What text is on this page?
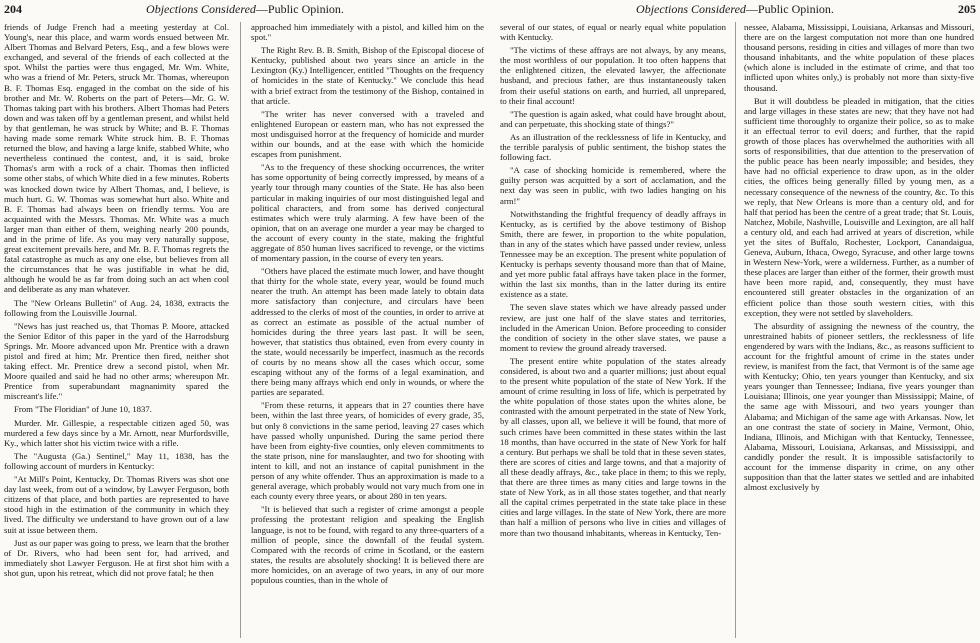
204	Objections Considered—Public Opinion.

friends of Judge French had a meeting yesterday at Col. Young's, near this place, and warm words ensued between Mr. Albert Thomas and Belvard Peters, Esq., and a few blows were exchanged, and several of the friends of each collected at the spot. Whilst the parties were thus engaged, Mr. Wm. White, who was a friend of Mr. Peters, struck Mr. Thomas, whereupon B. F. Thomas Esq. engaged in the combat on the side of his brother and Mr. W. Roberts on the part of Peters—Mr. G. W. Thomas taking part with his brothers. Albert Thomas had Peters down and was taken off by a gentleman present, and whilst held by that gentleman, he was struck by White; and B. F. Thomas having made some remark White struck him. B. F. Thomas returned the blow, and having a large knife, stabbed White, who nevertheless continued the contest, and, it is said, broke Thomas's arm with a rock of a chair. Thomas then inflicted some other stabs, of which White died in a few minutes. Roberts was knocked down twice by Albert Thomas, and, I believe, is much hurt. G. W. Thomas was somewhat hurt also. White and B. F. Thomas had always been on friendly terms. You are acquainted with the Messrs. Thomas. Mr. White was a much larger man than either of them, weighing nearly 200 pounds, and in the prime of life. As you may very naturally suppose, great excitement prevails here, and Mr. B. F. Thomas regrets the fatal catastrophe as much as any one else, but believes from all the circumstances that he was justifiable in what he did, although he would be as far from doing such an act when cool and deliberate as any man whatever.

The "New Orleans Bulletin" of Aug. 24, 1838, extracts the following from the Louisville Journal.

"News has just reached us, that Thomas P. Moore, attacked the Senior Editor of this paper in the yard of the Harrodsburg Springs. Mr. Moore advanced upon Mr. Prentice with a drawn pistol and fired at him; Mr. Prentice then fired, neither shot taking effect. Mr. Prentice drew a second pistol, when Mr. Moore quailed and said he had no other arms; whereupon Mr. Prentice from superabundant magnanimity spared the miscreant's life."

From "The Floridian" of June 10, 1837.

Murder. Mr. Gillespie, a respectable citizen aged 50, was murdered a few days since by a Mr. Arnott, near Murfordsville, Ky., which latter shot his victim twice with a rifle.

The "Augusta (Ga.) Sentinel," May 11, 1838, has the following account of murders in Kentucky:

"At Mill's Point, Kentucky, Dr. Thomas Rivers was shot one day last week, from out of a window, by Lawyer Ferguson, both citizens of that place, and both parties are represented to have stood high in the estimation of the community in which they lived. The difficulty we understand to have grown out of a law suit at issue between them.

Just as our paper was going to press, we learn that the brother of Dr. Rivers, who had been sent for, had arrived, and immediately shot Lawyer Ferguson. He at first shot him with a shot gun, upon his retreat, which did not prove fatal; he then

approached him immediately with a pistol, and killed him on the spot."

The Right Rev. B. B. Smith, Bishop of the Episcopal diocese of Kentucky, published about two years since an article in the Lexington (Ky.) Intelligencer, entitled "Thoughts on the frequency of homicides in the state of Kentucky." We conclude this head with a brief extract from the testimony of the Bishop, contained in that article.

"The writer has never conversed with a traveled and enlightened European or eastern man, who has not expressed the most undisguised horror at the frequency of homicide and murder within our bounds, and at the ease with which the homicide escapes from punishment.

"As to the frequency of these shocking occurrences, the writer has some opportunity of being correctly impressed, by means of a yearly tour through many counties of the State. He has also been particular in making inquiries of our most distinguished legal and political characters, and from some has derived conjectural estimates which were truly alarming. A few have been of the opinion, that on an average one murder a year may be charged to the account of every county in the state, making the frightful aggregate of 850 human lives sacrificed to revenge, or the victims of momentary passion, in the course of every ten years.

"Others have placed the estimate much lower, and have thought that thirty for the whole state, every year, would be found much nearer the truth. An attempt has been made lately to obtain data more satisfactory than conjecture, and circulars have been addressed to the clerks of most of the counties, in order to arrive at as correct an estimate as possible of the actual number of homicides during the three years last past. It will be seen, however, that statistics thus obtained, even from every county in the state, would necessarily be imperfect, inasmuch as the records of courts by no means show all the cases which occur, some escaping without any of the forms of a legal examination, and there being many affrays which end only in wounds, or where the parties are separated.

"From these returns, it appears that in 27 counties there have been, within the last three years, of homicides of every grade, 35, but only 8 convictions in the same period, leaving 27 cases which have passed wholly unpunished. During the same period there have been from eighty-five counties, only eleven commitments to the state prison, nine for manslaughter, and two for shooting with intent to kill, and not an instance of capital punishment in the person of any white offender. Thus an approximation is made to a general average, which probably would not vary much from one in each county every three years, or about 280 in ten years.

"It is believed that such a register of crime amongst a people professing the protestant religion and speaking the English language, is not to be found, with regard to any three-quarters of a million of people, since the downfall of the feudal system. Compared with the records of crime in Scotland, or the eastern states, the results are absolutely shocking! It is believed there are more homicides, on an average of two years, in any of our more populous counties, than in the whole of

Objections Considered—Public Opinion.	205

several of our states, of equal or nearly equal white population with Kentucky.

"The victims of these affrays are not always, by any means, the most worthless of our population. It too often happens that the enlightened citizen, the elevated lawyer, the affectionate husband, and precious father, are thus instantaneously taken from their useful stations on earth, and hurried, all unprepared, to their final account!

"The question is again asked, what could have brought about, and can perpetuate, this shocking state of things?"

As an illustration of the recklessness of life in Kentucky, and the terrible paralysis of public sentiment, the bishop states the following fact.

"A case of shocking homicide is remembered, where the guilty person was acquitted by a sort of acclamation, and the next day was seen in public, with two ladies hanging on his arm!"

Notwithstanding the frightful frequency of deadly affrays in Kentucky, as is certified by the above testimony of Bishop Smith, there are fewer, in proportion to the white population, than in any of the states which have passed under review, unless Tennessee may be an exception. The present white population of Kentucky is perhaps seventy thousand more than that of Maine, and yet more public fatal affrays have taken place in the former, within the last six months, than in the latter during its entire existence as a state.

The seven slave states which we have already passed under review, are just one half of the slave states and territories, included in the American Union. Before proceeding to consider the condition of society in the other slave states, we pause a moment to review the ground already traversed.

The present entire white population of the states already considered, is about two and a quarter millions; just about equal to the present white population of the state of New York. If the amount of crime resulting in loss of life, which is perpetrated by the white population of those states upon the whites alone, be contrasted with the amount perpetrated in the state of New York, by all classes, upon all, we believe it will be found, that more of such crimes have been committed in these states within the last 18 months, than have occurred in the state of New York for half a century. But perhaps we shall be told that in these seven states, there are scores of cities and large towns, and that a majority of all these deadly affrays, &c., take place in them; to this we reply, that there are three times as many cities and large towns in the state of New York, as in all those states together, and that nearly all the capital crimes perpetrated in the state take place in these cities and large villages. In the state of New York, there are more than half a million of persons who live in cities and villages of more than two thousand inhabitants, whereas in Kentucky, Ten-

nessee, Alabama, Mississippi, Louisiana, Arkansas and Missouri, there are on the largest computation not more than one hundred thousand persons, residing in cities and villages of more than two thousand inhabitants, and the white population of these places (which alone is included in the estimate of crime, and that too inflicted upon whites only,) is probably not more than sixty-five thousand.

But it will doubtless be pleaded in mitigation, that the cities and large villages in these states are new; that they have not had sufficient time thoroughly to organize their police, so as to make it an effectual terror to evil doers; and further, that the rapid growth of those places has overwhelmed the authorities with all sorts of responsibilities, that due attention to the preservation of the public peace has been nearly impossible; and besides, they have had no official experience to draw upon, as in the older cities, the offices being generally filled by young men, as a necessary consequence of the newness of the country, &c. To this we reply, that New Orleans is more than a century old, and for half that period has been the centre of a great trade; that St. Louis, Natchez, Mobile, Nashville, Louisville and Lexington, are all half a century old, and each had arrived at years of discretion, while yet the sites of Buffalo, Rochester, Lockport, Canandaigua, Geneva, Auburn, Ithaca, Owego, Syracuse, and other large towns in Western New-York, were a wilderness. Further, as a number of these places are larger than either of the former, their growth must have been more rapid, and, consequently, they must have encountered still greater obstacles in the organization of an efficient police than those south western cities, with this exception, they were not settled by slaveholders.

The absurdity of assigning the newness of the country, the unrestrained habits of pioneer settlers, the recklessness of life engendered by wars with the Indians, &c., as reasons sufficient to account for the frightful amount of crime in the states under review, is manifest from the fact, that Vermont is of the same age with Kentucky; Ohio, ten years younger than Kentucky, and six years younger than Tennessee; Indiana, five years younger than Louisiana; Illinois, one year younger than Mississippi; Maine, of the same age with Missouri, and two years younger than Alabama; and Michigan of the same age with Arkansas. Now, let an one contrast the state of society in Maine, Vermont, Ohio, Indiana, Illinois, and Michigan with that Kentucky, Tennessee, Alabama, Missouri, Louisiana, Arkansas, and Mississippi, and candidly ponder the result. It is impossible satisfactorily to account for the immense disparity in crime, on any other supposition than that the latter states we settled and are inhabited almost exclusively by
